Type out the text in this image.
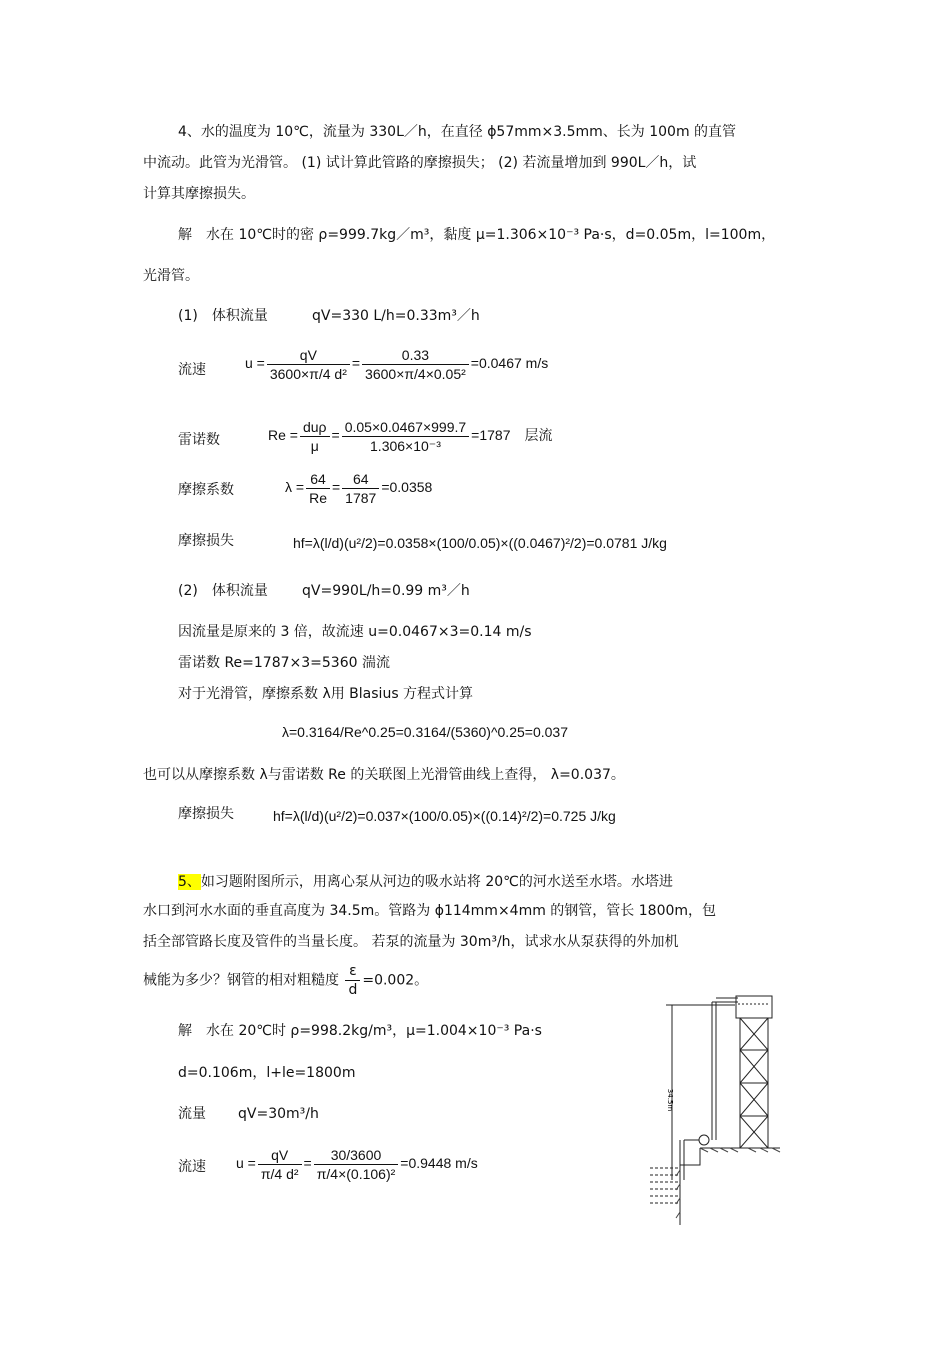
4、水的温度为 10℃，流量为 330L／h，在直径 ϕ57mm×3.5mm、长为 100m 的直管
中流动。此管为光滑管。 (1) 试计算此管路的摩擦损失； (2) 若流量增加到 990L／h，试
计算其摩擦损失。
解　水在 10℃时的密 ρ=999.7kg／m³，黏度 μ=1.306×10⁻³ Pa·s，d=0.05m，l=100m，
光滑管。
(1)　体积流量	qV=330 L/h=0.33m³／h
流速	$u = \frac{qV}{\text{3600×π/4 d²}} = \frac{0.33}{\text{3600×π/4×0.05²}} =0.0467$ m/s
雷诺数	$Re = \frac{\text{duρ}}{\mu} = \frac{0.05\times 0.0467\times 999.7}{\text{1.306×10⁻³}} =1787$　层流
摩擦系数	$\lambda = \frac{64}{Re} = \frac{64}{1787} =0.0358$
摩擦损失	hf=λ(l/d)(u²/2)=0.0358×(100/0.05)×((0.0467)²/2)=0.0781 J/kg
(2)　体积流量 qV=990L/h=0.99 m³／h
因流量是原来的 3 倍，故流速 u=0.0467×3=0.14 m/s
雷诺数 Re=1787×3=5360 湍流
对于光滑管，摩擦系数 λ用 Blasius 方程式计算
λ=0.3164/Re^0.25=0.3164/(5360)^0.25=0.037
也可以从摩擦系数 λ与雷诺数 Re 的关联图上光滑管曲线上查得， λ=0.037。
摩擦损失	hf=λ(l/d)(u²/2)=0.037×(100/0.05)×((0.14)²/2)=0.725 J/kg
5、如习题附图所示，用离心泵从河边的吸水站将 20℃的河水送至水塔。水塔进
水口到河水水面的垂直高度为 34.5m。管路为 ϕ114mm×4mm 的钢管，管长 1800m，包
括全部管路长度及管件的当量长度。 若泵的流量为 30m³/h，试求水从泵获得的外加机
械能为多少？钢管的相对粗糙度 $\frac{\varepsilon}{d} =0.002$。
解　水在 20℃时 ρ=998.2kg/m³，μ=1.004×10⁻³ Pa·s
d=0.106m，l+le=1800m
流量 qV=30m³/h
流速 $u = \frac{qV}{\text{π/4 d²}} = \frac{30/3600}{\text{π/4×(0.106)²}} =0.9448$ m/s
34.5m
